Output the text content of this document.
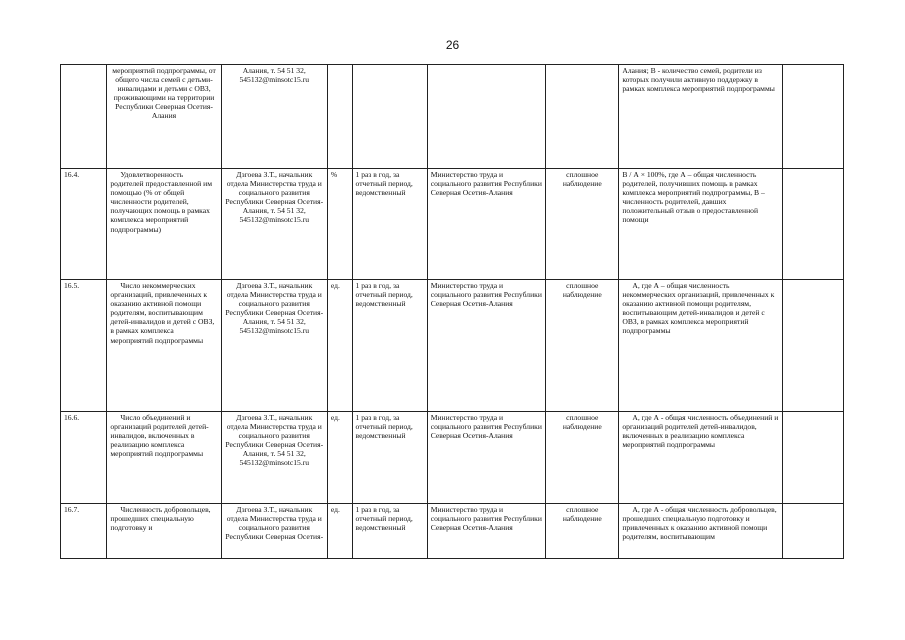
26
	мероприятий подпрограммы, от общего числа семей с детьми-инвалидами и детьми с ОВЗ, проживающими на территории Республики Северная Осетия-Алания	Алания, т. 54 51 32, 545132@minsotc15.ru					Алания; В - количество семей, родители из которых получили активную поддержку в рамках комплекса мероприятий подпрограммы	
16.4.	Удовлетворенность родителей предоставленной им помощью (% от общей численности родителей, получающих помощь в рамках комплекса мероприятий подпрограммы)	Дзгоева З.Т., начальник отдела Министерства труда и социального развития Республики Северная Осетия-Алания, т. 54 51 32, 545132@minsotc15.ru	%	1 раз в год, за отчетный период, ведомственный	Министерство труда и социального развития Республики Северная Осетия-Алания	сплошное наблюдение	В / А × 100%, где А – общая численность родителей, получивших помощь в рамках комплекса мероприятий подпрограммы, В – численность родителей, давших положительный отзыв о предоставленной помощи	
16.5.	Число некоммерческих организаций, привлеченных к оказанию активной помощи родителям, воспитывающим детей-инвалидов и детей с ОВЗ, в рамках комплекса мероприятий подпрограммы	Дзгоева З.Т., начальник отдела Министерства труда и социального развития Республики Северная Осетия-Алания, т. 54 51 32, 545132@minsotc15.ru	ед.	1 раз в год, за отчетный период, ведомственный	Министерство труда и социального развития Республики Северная Осетия-Алания	сплошное наблюдение	А, где А – общая численность некоммерческих организаций, привлеченных к оказанию активной помощи родителям, воспитывающим детей-инвалидов и детей с ОВЗ, в рамках комплекса мероприятий подпрограммы	
16.6.	Число объединений и организаций родителей детей-инвалидов, включенных в реализацию комплекса мероприятий подпрограммы	Дзгоева З.Т., начальник отдела Министерства труда и социального развития Республики Северная Осетия-Алания, т. 54 51 32, 545132@minsotc15.ru	ед.	1 раз в год, за отчетный период, ведомственный	Министерство труда и социального развития Республики Северная Осетия-Алания	сплошное наблюдение	А, где А - общая численность объединений и организаций родителей детей-инвалидов, включенных в реализацию комплекса мероприятий подпрограммы	
16.7.	Численность добровольцев, прошедших специальную подготовку и	Дзгоева З.Т., начальник отдела Министерства труда и социального развития Республики Северная Осетия-	ед.	1 раз в год, за отчетный период, ведомственный	Министерство труда и социального развития Республики Северная Осетия-Алания	сплошное наблюдение	А, где А - общая численность добровольцев, прошедших специальную подготовку и привлеченных к оказанию активной помощи родителям, воспитывающим	
